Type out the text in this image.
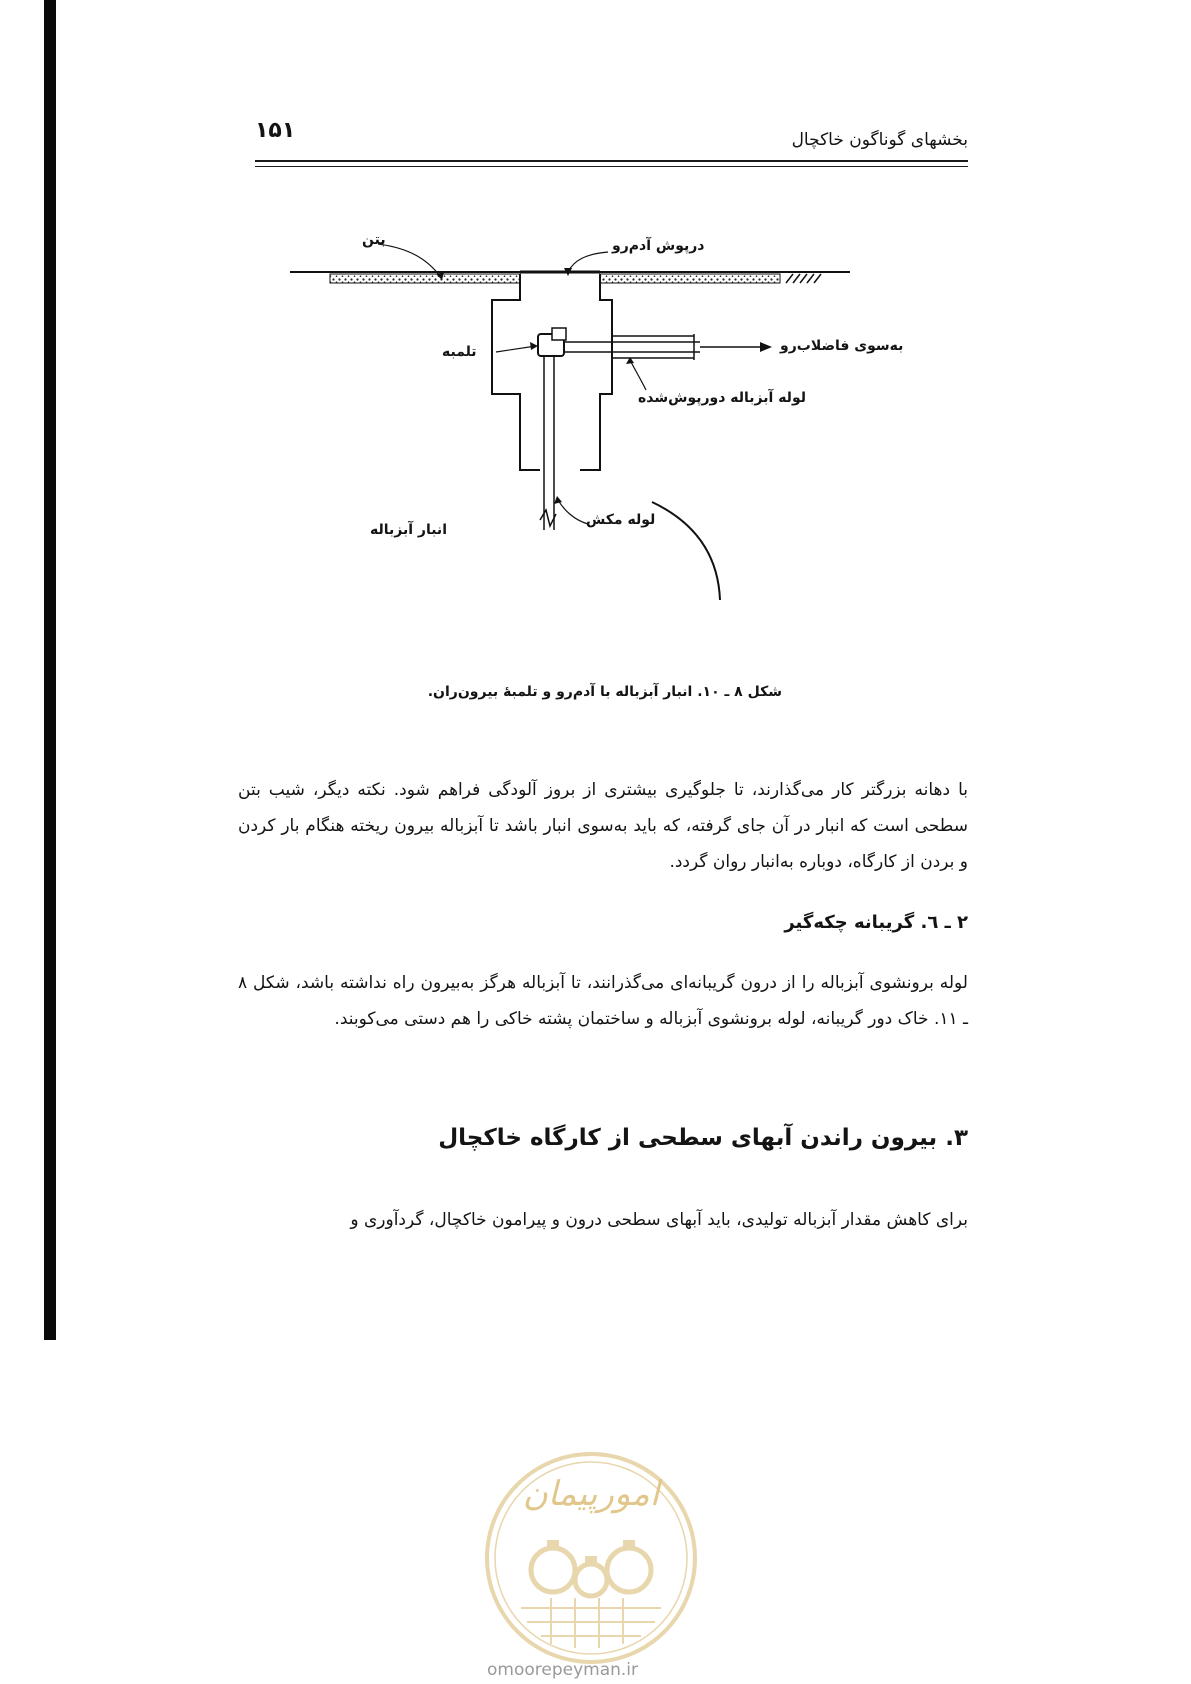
۱۵۱	بخشهای گوناگون خاکچال
بتن	درپوش آدم‌رو
به‌سوی فاضلاب‌رو
تلمبه
لوله آبزباله دورپوش‌شده
لوله مکش
انبار آبزباله
شکل ۸ ـ ۱۰. انبار آبزباله با آدم‌رو و تلمبهٔ بیرون‌ران.

با دهانه بزرگتر کار می‌گذارند، تا جلوگیری بیشتری از بروز آلودگی فراهم شود. نکته دیگر، شیب بتن سطحی است که انبار در آن جای گرفته، که باید به‌سوی انبار باشد تا آبزباله بیرون ریخته هنگام بار کردن و بردن از کارگاه، دوباره به‌انبار روان گردد.

۲ ـ ٦. گریبانه چکه‌گیر

لوله برونشوی آبزباله را از درون گریبانه‌ای می‌گذرانند، تا آبزباله هرگز به‌بیرون راه نداشته باشد، شکل ۸ ـ ۱۱. خاک دور گریبانه، لوله برونشوی آبزباله و ساختمان پشته خاکی را هم دستی می‌کوبند.

۳. بیرون راندن آبهای سطحی از کارگاه خاکچال

برای کاهش مقدار آبزباله تولیدی، باید آبهای سطحی درون و پیرامون خاکچال، گردآوری و

امورپیمان
omoorepeyman.ir
